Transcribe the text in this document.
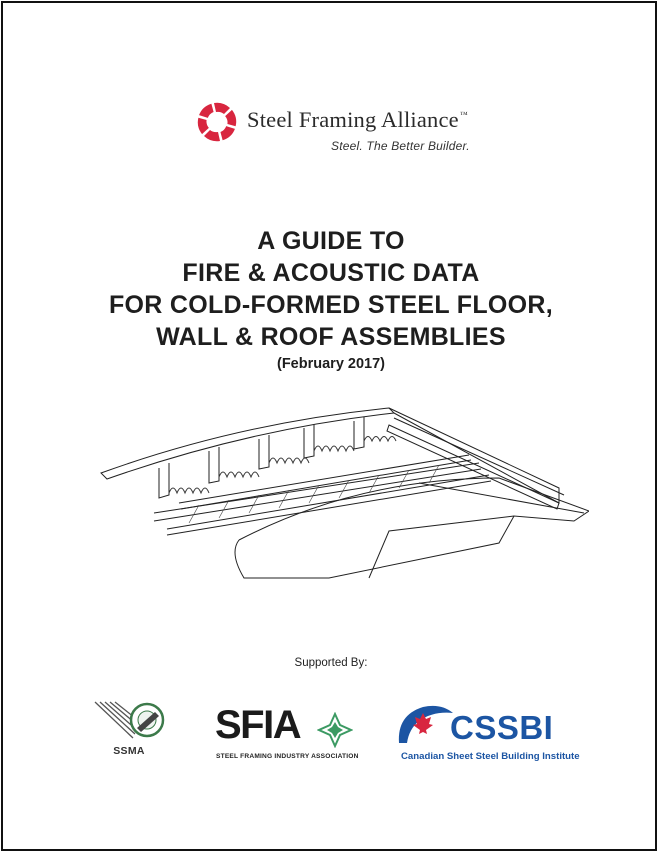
Steel Framing Alliance™
Steel. The Better Builder.
A GUIDE TO
FIRE & ACOUSTIC DATA
FOR COLD-FORMED STEEL FLOOR,
WALL & ROOF ASSEMBLIES
(February 2017)
Supported By:
SSMA
SFIA
STEEL FRAMING INDUSTRY ASSOCIATION
CSSBI
Canadian Sheet Steel Building Institute
